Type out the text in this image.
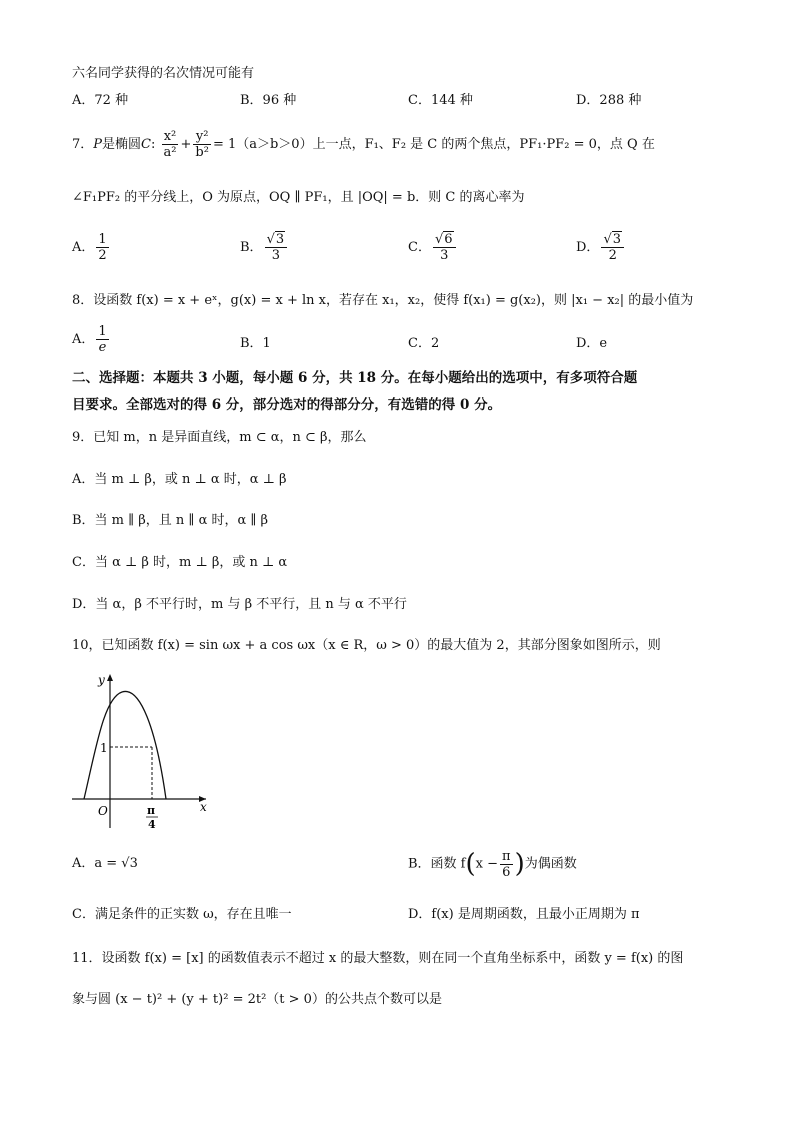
六名同学获得的名次情况可能有
A．72 种	B．96 种	C．144 种	D．288 种
7．P是椭圆C: $\frac{\text{x²}}{\text{a²}} + \frac{\text{y²}}{\text{b²}} = 1(a>b>0)$上一点，F₁、F₂ 是 C 的两个焦点，PF₁·PF₂ = 0，点 Q 在
∠F₁PF₂ 的平分线上，O 为原点，OQ ∥ PF₁，且 |OQ| = b．则 C 的离心率为
A． $\frac{1}{2}$	B． $\frac{√3}{3}$	C． $\frac{√6}{3}$	D． $\frac{√3}{2}$
8．设函数 f(x) = x + eˣ，g(x) = x + ln x，若存在 x₁，x₂，使得 f(x₁) = g(x₂)，则 |x₁ − x₂| 的最小值为
A． $\frac{1}{e}$	B．1	C．2	D．e
二、选择题：本题共 3 小题，每小题 6 分，共 18 分。在每小题给出的选项中，有多项符合题
目要求。全部选对的得 6 分，部分选对的得部分分，有选错的得 0 分。
9．已知 m，n 是异面直线，m ⊂ α，n ⊂ β，那么
A．当 m ⊥ β，或 n ⊥ α 时，α ⊥ β
B．当 m ∥ β，且 n ∥ α 时，α ∥ β
C．当 α ⊥ β 时，m ⊥ β，或 n ⊥ α
D．当 α，β 不平行时，m 与 β 不平行，且 n 与 α 不平行
10，已知函数 f(x) = sin ωx + a cos ωx（x ∈ R，ω > 0）的最大值为 2，其部分图象如图所示，则
y
x
O
1
π
4
A．a = √3	B．函数 $f(x - \frac{\pi}{6}$ )为偶函数
C．满足条件的正实数 ω，存在且唯一	D．f(x) 是周期函数，且最小正周期为 π
11．设函数 f(x) = [x] 的函数值表示不超过 x 的最大整数，则在同一个直角坐标系中，函数 y = f(x) 的图
象与圆 (x − t)² + (y + t)² = 2t²（t > 0）的公共点个数可以是
